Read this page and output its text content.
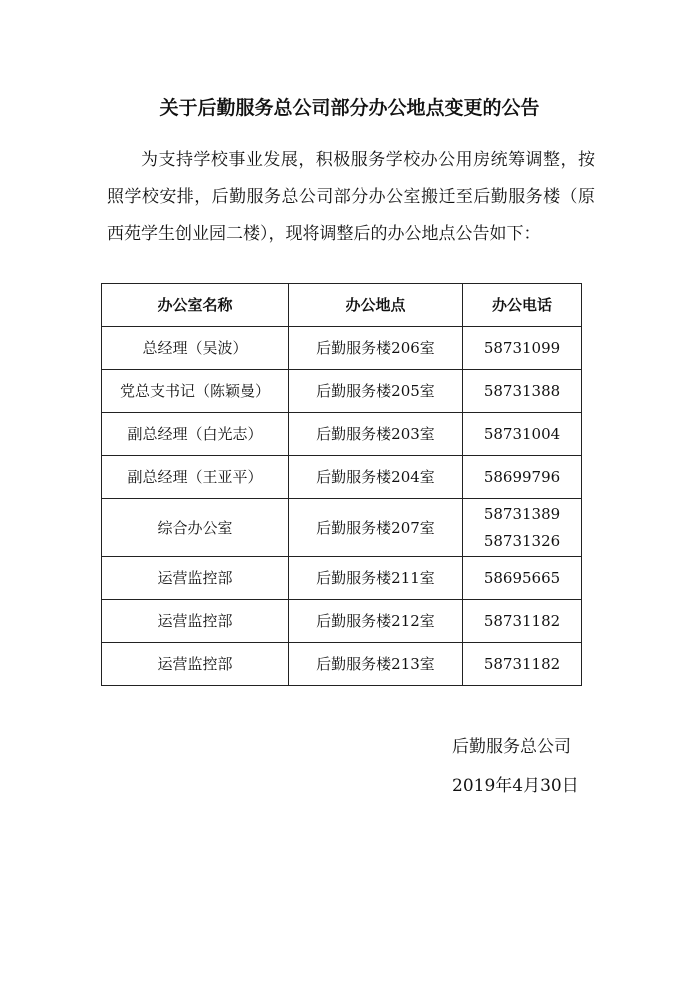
关于后勤服务总公司部分办公地点变更的公告

为支持学校事业发展，积极服务学校办公用房统筹调整，按照学校安排，后勤服务总公司部分办公室搬迁至后勤服务楼（原西苑学生创业园二楼），现将调整后的办公地点公告如下：

办公室名称	办公地点	办公电话
总经理（吴波）	后勤服务楼206室	58731099

党总支书记（陈颖曼）	后勤服务楼205室	58731388

副总经理（白光志）	后勤服务楼203室	58731004

副总经理（王亚平）	后勤服务楼204室	58699796

综合办公室	后勤服务楼207室	58731389
58731326

运营监控部	后勤服务楼211室	58695665

运营监控部	后勤服务楼212室	58731182

运营监控部	后勤服务楼213室	58731182
后勤服务总公司
2019年4月30日
